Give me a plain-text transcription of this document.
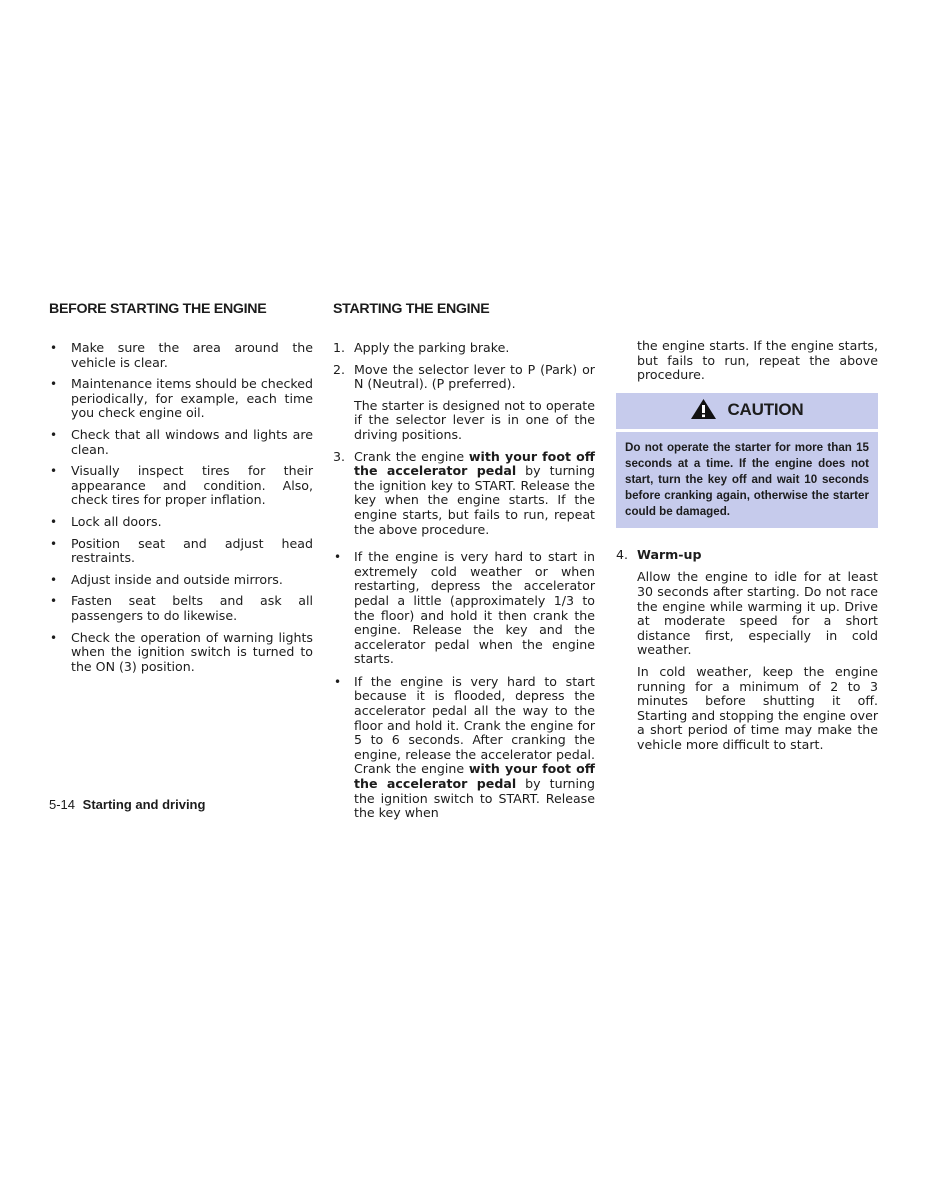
BEFORE STARTING THE ENGINE
• Make sure the area around the vehicle is clear.
• Maintenance items should be checked periodically, for example, each time you check engine oil.
• Check that all windows and lights are clean.
• Visually inspect tires for their appearance and condition. Also, check tires for proper inflation.
• Lock all doors.
• Position seat and adjust head restraints.
• Adjust inside and outside mirrors.
• Fasten seat belts and ask all passengers to do likewise.
• Check the operation of warning lights when the ignition switch is turned to the ON (3) position.
STARTING THE ENGINE
1. Apply the parking brake.
2. Move the selector lever to P (Park) or N (Neutral). (P preferred).

The starter is designed not to operate if the selector lever is in one of the driving positions.

3. Crank the engine with your foot off the accelerator pedal by turning the ignition key to START. Release the key when the engine starts. If the engine starts, but fails to run, repeat the above procedure.
• If the engine is very hard to start in extremely cold weather or when restarting, depress the accelerator pedal a little (approximately 1/3 to the floor) and hold it then crank the engine. Release the key and the accelerator pedal when the engine starts.
• If the engine is very hard to start because it is flooded, depress the accelerator pedal all the way to the floor and hold it. Crank the engine for 5 to 6 seconds. After cranking the engine, release the accelerator pedal. Crank the engine with your foot off the accelerator pedal by turning the ignition switch to START. Release the key when

the engine starts. If the engine starts, but fails to run, repeat the above procedure.

CAUTION
Do not operate the starter for more than 15 seconds at a time. If the engine does not start, turn the key off and wait 10 seconds before cranking again, otherwise the starter could be damaged.
4. Warm-up

Allow the engine to idle for at least 30 seconds after starting. Do not race the engine while warming it up. Drive at moderate speed for a short distance first, especially in cold weather.

In cold weather, keep the engine running for a minimum of 2 to 3 minutes before shutting it off. Starting and stopping the engine over a short period of time may make the vehicle more difficult to start.

5-14 Starting and driving
